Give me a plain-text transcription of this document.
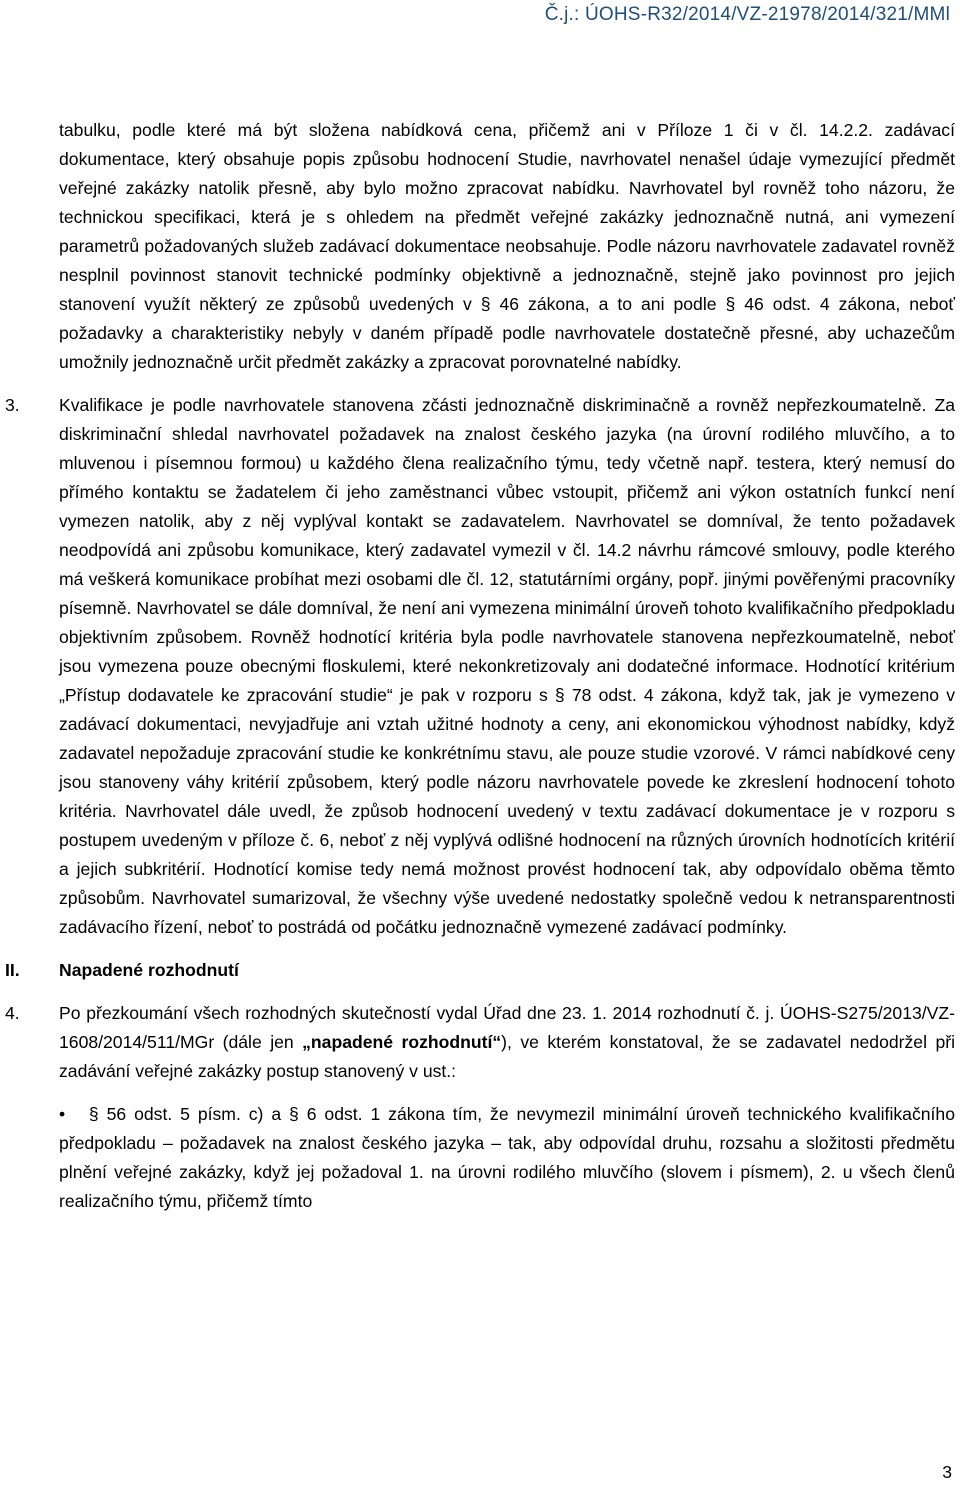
Č.j.: ÚOHS-R32/2014/VZ-21978/2014/321/MMl

tabulku, podle které má být složena nabídková cena, přičemž ani v Příloze 1 či v čl. 14.2.2. zadávací dokumentace, který obsahuje popis způsobu hodnocení Studie, navrhovatel nenašel údaje vymezující předmět veřejné zakázky natolik přesně, aby bylo možno zpracovat nabídku. Navrhovatel byl rovněž toho názoru, že technickou specifikaci, která je s ohledem na předmět veřejné zakázky jednoznačně nutná, ani vymezení parametrů požadovaných služeb zadávací dokumentace neobsahuje. Podle názoru navrhovatele zadavatel rovněž nesplnil povinnost stanovit technické podmínky objektivně a jednoznačně, stejně jako povinnost pro jejich stanovení využít některý ze způsobů uvedených v § 46 zákona, a to ani podle § 46 odst. 4 zákona, neboť požadavky a charakteristiky nebyly v daném případě podle navrhovatele dostatečně přesné, aby uchazečům umožnily jednoznačně určit předmět zakázky a zpracovat porovnatelné nabídky.

3. Kvalifikace je podle navrhovatele stanovena zčásti jednoznačně diskriminačně a rovněž nepřezkoumatelně. Za diskriminační shledal navrhovatel požadavek na znalost českého jazyka (na úrovní rodilého mluvčího, a to mluvenou i písemnou formou) u každého člena realizačního týmu, tedy včetně např. testera, který nemusí do přímého kontaktu se žadatelem či jeho zaměstnanci vůbec vstoupit, přičemž ani výkon ostatních funkcí není vymezen natolik, aby z něj vyplýval kontakt se zadavatelem. Navrhovatel se domníval, že tento požadavek neodpovídá ani způsobu komunikace, který zadavatel vymezil v čl. 14.2 návrhu rámcové smlouvy, podle kterého má veškerá komunikace probíhat mezi osobami dle čl. 12, statutárními orgány, popř. jinými pověřenými pracovníky písemně. Navrhovatel se dále domníval, že není ani vymezena minimální úroveň tohoto kvalifikačního předpokladu objektivním způsobem. Rovněž hodnotící kritéria byla podle navrhovatele stanovena nepřezkoumatelně, neboť jsou vymezena pouze obecnými floskulemi, které nekonkretizovaly ani dodatečné informace. Hodnotící kritérium „Přístup dodavatele ke zpracování studie“ je pak v rozporu s § 78 odst. 4 zákona, když tak, jak je vymezeno v zadávací dokumentaci, nevyjadřuje ani vztah užitné hodnoty a ceny, ani ekonomickou výhodnost nabídky, když zadavatel nepožaduje zpracování studie ke konkrétnímu stavu, ale pouze studie vzorové. V rámci nabídkové ceny jsou stanoveny váhy kritérií způsobem, který podle názoru navrhovatele povede ke zkreslení hodnocení tohoto kritéria. Navrhovatel dále uvedl, že způsob hodnocení uvedený v textu zadávací dokumentace je v rozporu s postupem uvedeným v příloze č. 6, neboť z něj vyplývá odlišné hodnocení na různých úrovních hodnotících kritérií a jejich subkritérií. Hodnotící komise tedy nemá možnost provést hodnocení tak, aby odpovídalo oběma těmto způsobům. Navrhovatel sumarizoval, že všechny výše uvedené nedostatky společně vedou k netransparentnosti zadávacího řízení, neboť to postrádá od počátku jednoznačně vymezené zadávací podmínky.

II. Napadené rozhodnutí
4. Po přezkoumání všech rozhodných skutečností vydal Úřad dne 23. 1. 2014 rozhodnutí č. j. ÚOHS-S275/2013/VZ-1608/2014/511/MGr (dále jen „napadené rozhodnutí“), ve kterém konstatoval, že se zadavatel nedodržel při zadávání veřejné zakázky postup stanovený v ust.:

• § 56 odst. 5 písm. c) a § 6 odst. 1 zákona tím, že nevymezil minimální úroveň technického kvalifikačního předpokladu – požadavek na znalost českého jazyka – tak, aby odpovídal druhu, rozsahu a složitosti předmětu plnění veřejné zakázky, když jej požadoval 1. na úrovni rodilého mluvčího (slovem i písmem), 2. u všech členů realizačního týmu, přičemž tímto

3
